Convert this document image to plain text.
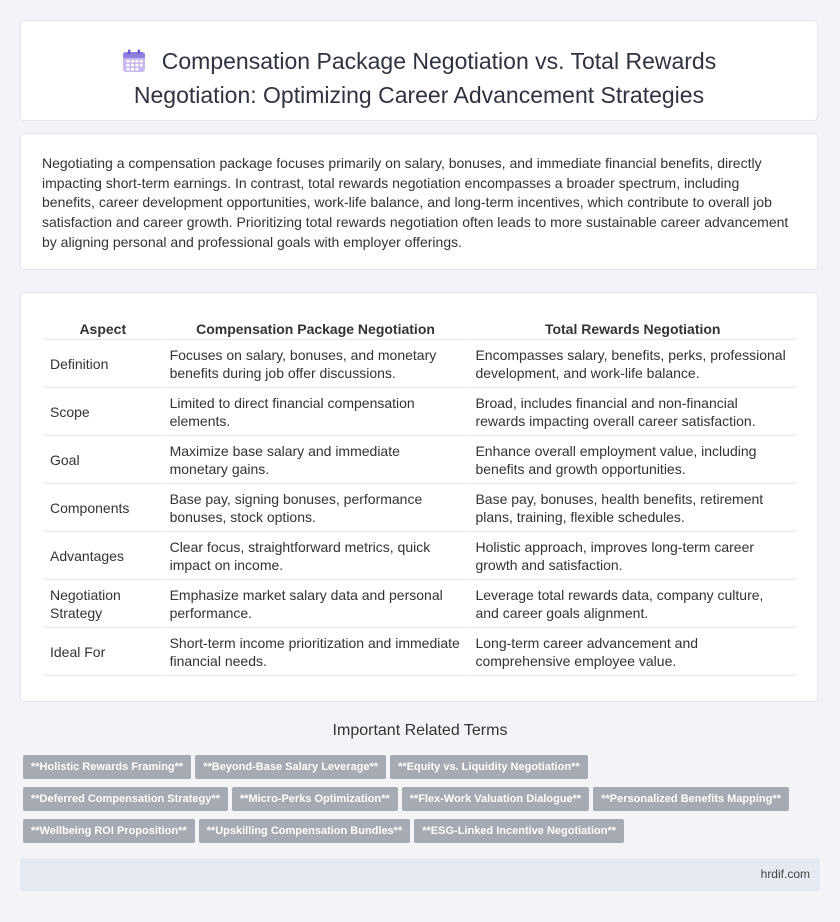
Compensation Package Negotiation vs. Total Rewards
Negotiation: Optimizing Career Advancement Strategies
Negotiating a compensation package focuses primarily on salary, bonuses, and immediate financial benefits, directly impacting short-term earnings. In contrast, total rewards negotiation encompasses a broader spectrum, including benefits, career development opportunities, work-life balance, and long-term incentives, which contribute to overall job satisfaction and career growth. Prioritizing total rewards negotiation often leads to more sustainable career advancement by aligning personal and professional goals with employer offerings.
Aspect	Compensation Package Negotiation	Total Rewards Negotiation
Definition	Focuses on salary, bonuses, and monetary benefits during job offer discussions.	Encompasses salary, benefits, perks, professional development, and work-life balance.
Scope	Limited to direct financial compensation elements.	Broad, includes financial and non-financial rewards impacting overall career satisfaction.
Goal	Maximize base salary and immediate monetary gains.	Enhance overall employment value, including benefits and growth opportunities.
Components	Base pay, signing bonuses, performance bonuses, stock options.	Base pay, bonuses, health benefits, retirement plans, training, flexible schedules.
Advantages	Clear focus, straightforward metrics, quick impact on income.	Holistic approach, improves long-term career growth and satisfaction.
Negotiation Strategy	Emphasize market salary data and personal performance.	Leverage total rewards data, company culture, and career goals alignment.
Ideal For	Short-term income prioritization and immediate financial needs.	Long-term career advancement and comprehensive employee value.
Important Related Terms
**Holistic Rewards Framing** **Beyond-Base Salary Leverage** **Equity vs. Liquidity Negotiation**
**Deferred Compensation Strategy** **Micro-Perks Optimization** **Flex-Work Valuation Dialogue** **Personalized Benefits Mapping**
**Wellbeing ROI Proposition** **Upskilling Compensation Bundles** **ESG-Linked Incentive Negotiation**
hrdif.com
